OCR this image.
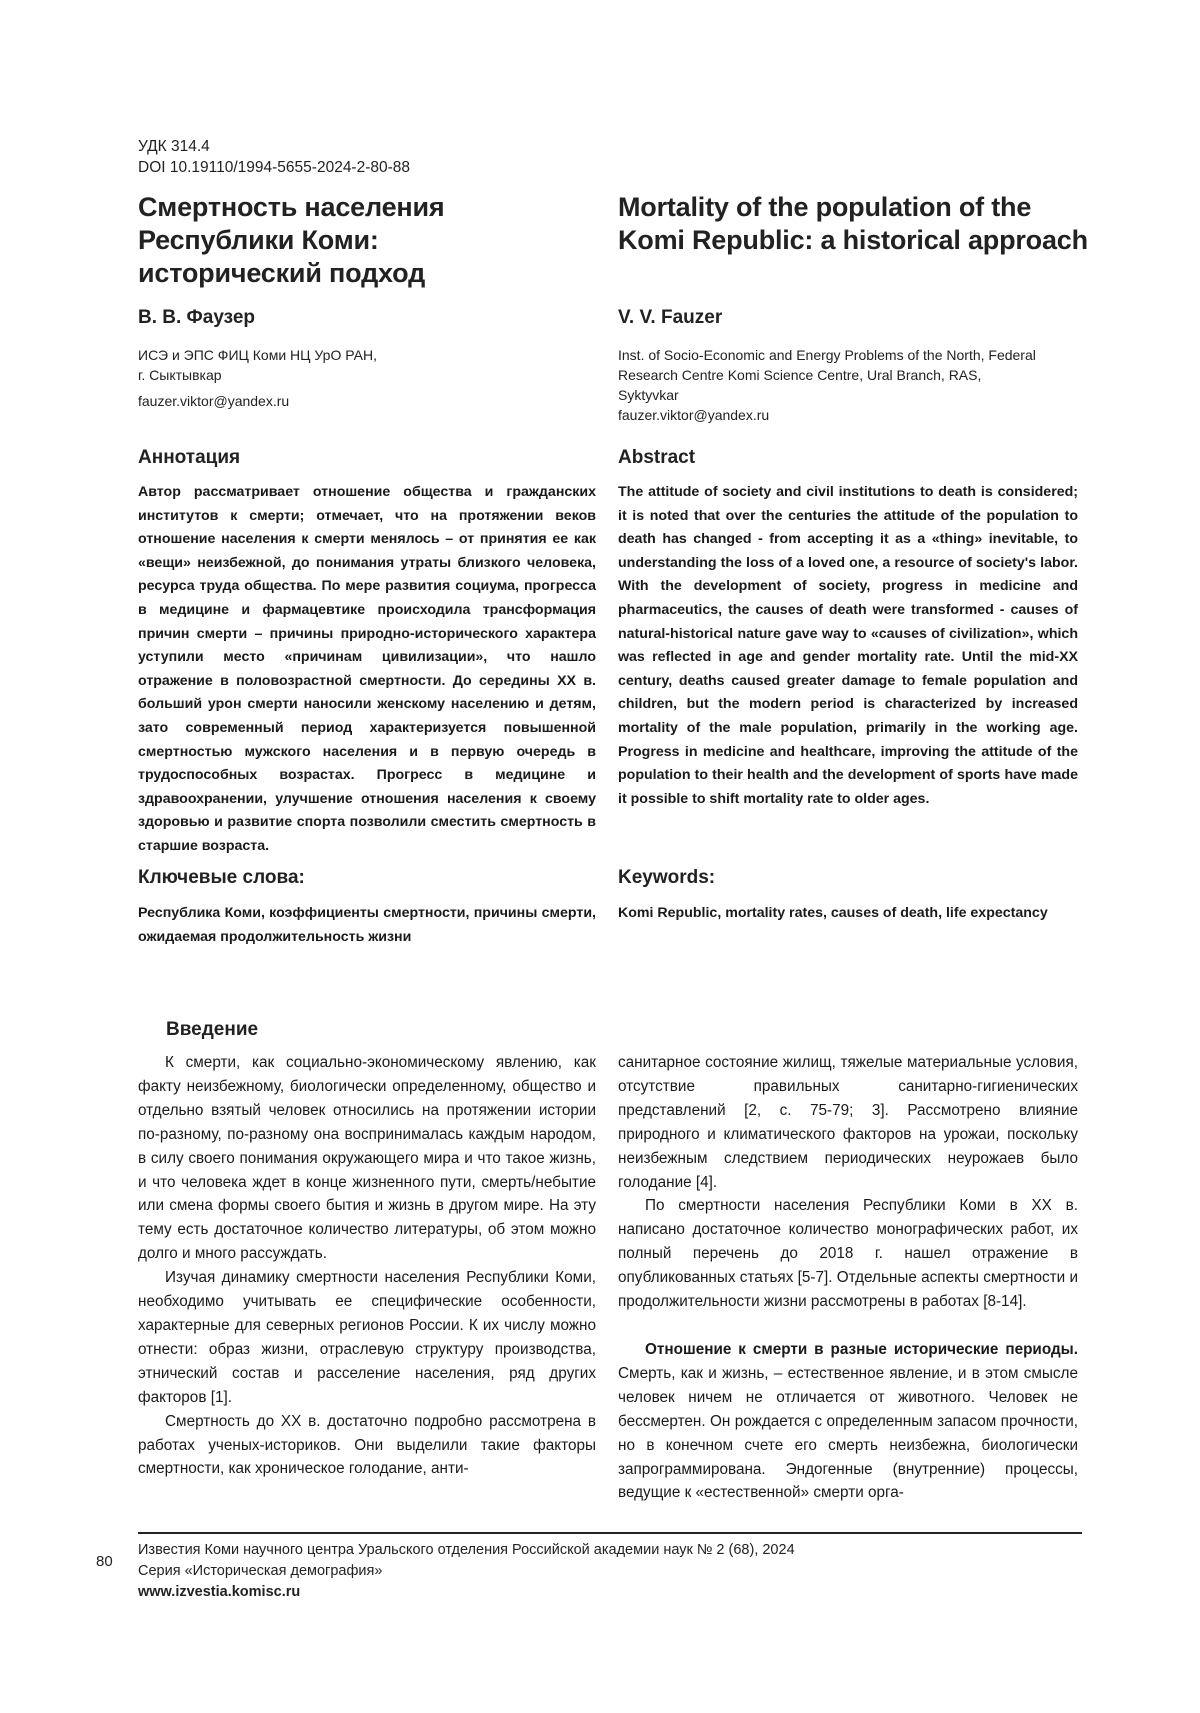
УДК 314.4
DOI 10.19110/1994-5655-2024-2-80-88
Смертность населения
Республики Коми:
исторический подход
Mortality of the population of the
Komi Republic: a historical approach
В. В. Фаузер	V. V. Fauzer
ИСЭ и ЭПС ФИЦ Коми НЦ УрО РАН,
г. Сыктывкар
fauzer.viktor@yandex.ru
Inst. of Socio-Economic and Energy Problems of the North, Federal
Research Centre Komi Science Centre, Ural Branch, RAS,
Syktyvkar
fauzer.viktor@yandex.ru
Аннотация	Abstract
Автор рассматривает отношение общества и гражданских институтов к смерти; отмечает, что на протяжении веков отношение населения к смерти менялось – от принятия ее как «вещи» неизбежной, до понимания утраты близкого человека, ресурса труда общества. По мере развития социума, прогресса в медицине и фармацевтике происходила трансформация причин смерти – причины природно-исторического характера уступили место «причинам цивилизации», что нашло отражение в половозрастной смертности. До середины ХХ в. больший урон смерти наносили женскому населению и детям, зато современный период характеризуется повышенной смертностью мужского населения и в первую очередь в трудоспособных возрастах. Прогресс в медицине и здравоохранении, улучшение отношения населения к своему здоровью и развитие спорта позволили сместить смертность в старшие возраста.
The attitude of society and civil institutions to death is considered; it is noted that over the centuries the attitude of the population to death has changed - from accepting it as a «thing» inevitable, to understanding the loss of a loved one, a resource of society's labor. With the development of society, progress in medicine and pharmaceutics, the causes of death were transformed - causes of natural-historical nature gave way to «causes of civilization», which was reflected in age and gender mortality rate. Until the mid-XX century, deaths caused greater damage to female population and children, but the modern period is characterized by increased mortality of the male population, primarily in the working age. Progress in medicine and healthcare, improving the attitude of the population to their health and the development of sports have made it possible to shift mortality rate to older ages.
Ключевые слова:	Keywords:
Республика Коми, коэффициенты смертности, причины смерти, ожидаемая продолжительность жизни
Komi Republic, mortality rates, causes of death, life expectancy
Введение

К смерти, как социально-экономическому явлению, как факту неизбежному, биологически определенному, общество и отдельно взятый человек относились на протяжении истории по-разному, по-разному она воспринималась каждым народом, в силу своего понимания окружающего мира и что такое жизнь, и что человека ждет в конце жизненного пути, смерть/небытие или смена формы своего бытия и жизнь в другом мире. На эту тему есть достаточное количество литературы, об этом можно долго и много рассуждать.

Изучая динамику смертности населения Республики Коми, необходимо учитывать ее специфические особенности, характерные для северных регионов России. К их числу можно отнести: образ жизни, отраслевую структуру производства, этнический состав и расселение населения, ряд других факторов [1].

Смертность до ХХ в. достаточно подробно рассмотрена в работах ученых-историков. Они выделили такие факторы смертности, как хроническое голодание, анти-

санитарное состояние жилищ, тяжелые материальные условия, отсутствие правильных санитарно-гигиенических представлений [2, с. 75-79; 3]. Рассмотрено влияние природного и климатического факторов на урожаи, поскольку неизбежным следствием периодических неурожаев было голодание [4].

По смертности населения Республики Коми в ХХ в. написано достаточное количество монографических работ, их полный перечень до 2018 г. нашел отражение в опубликованных статьях [5-7]. Отдельные аспекты смертности и продолжительности жизни рассмотрены в работах [8-14].

Отношение к смерти в разные исторические периоды. Смерть, как и жизнь, – естественное явление, и в этом смысле человек ничем не отличается от животного. Человек не бессмертен. Он рождается с определенным запасом прочности, но в конечном счете его смерть неизбежна, биологически запрограммирована. Эндогенные (внутренние) процессы, ведущие к «естественной» смерти орга-

80
Известия Коми научного центра Уральского отделения Российской академии наук № 2 (68), 2024
Серия «Историческая демография»
www.izvestia.komisc.ru
